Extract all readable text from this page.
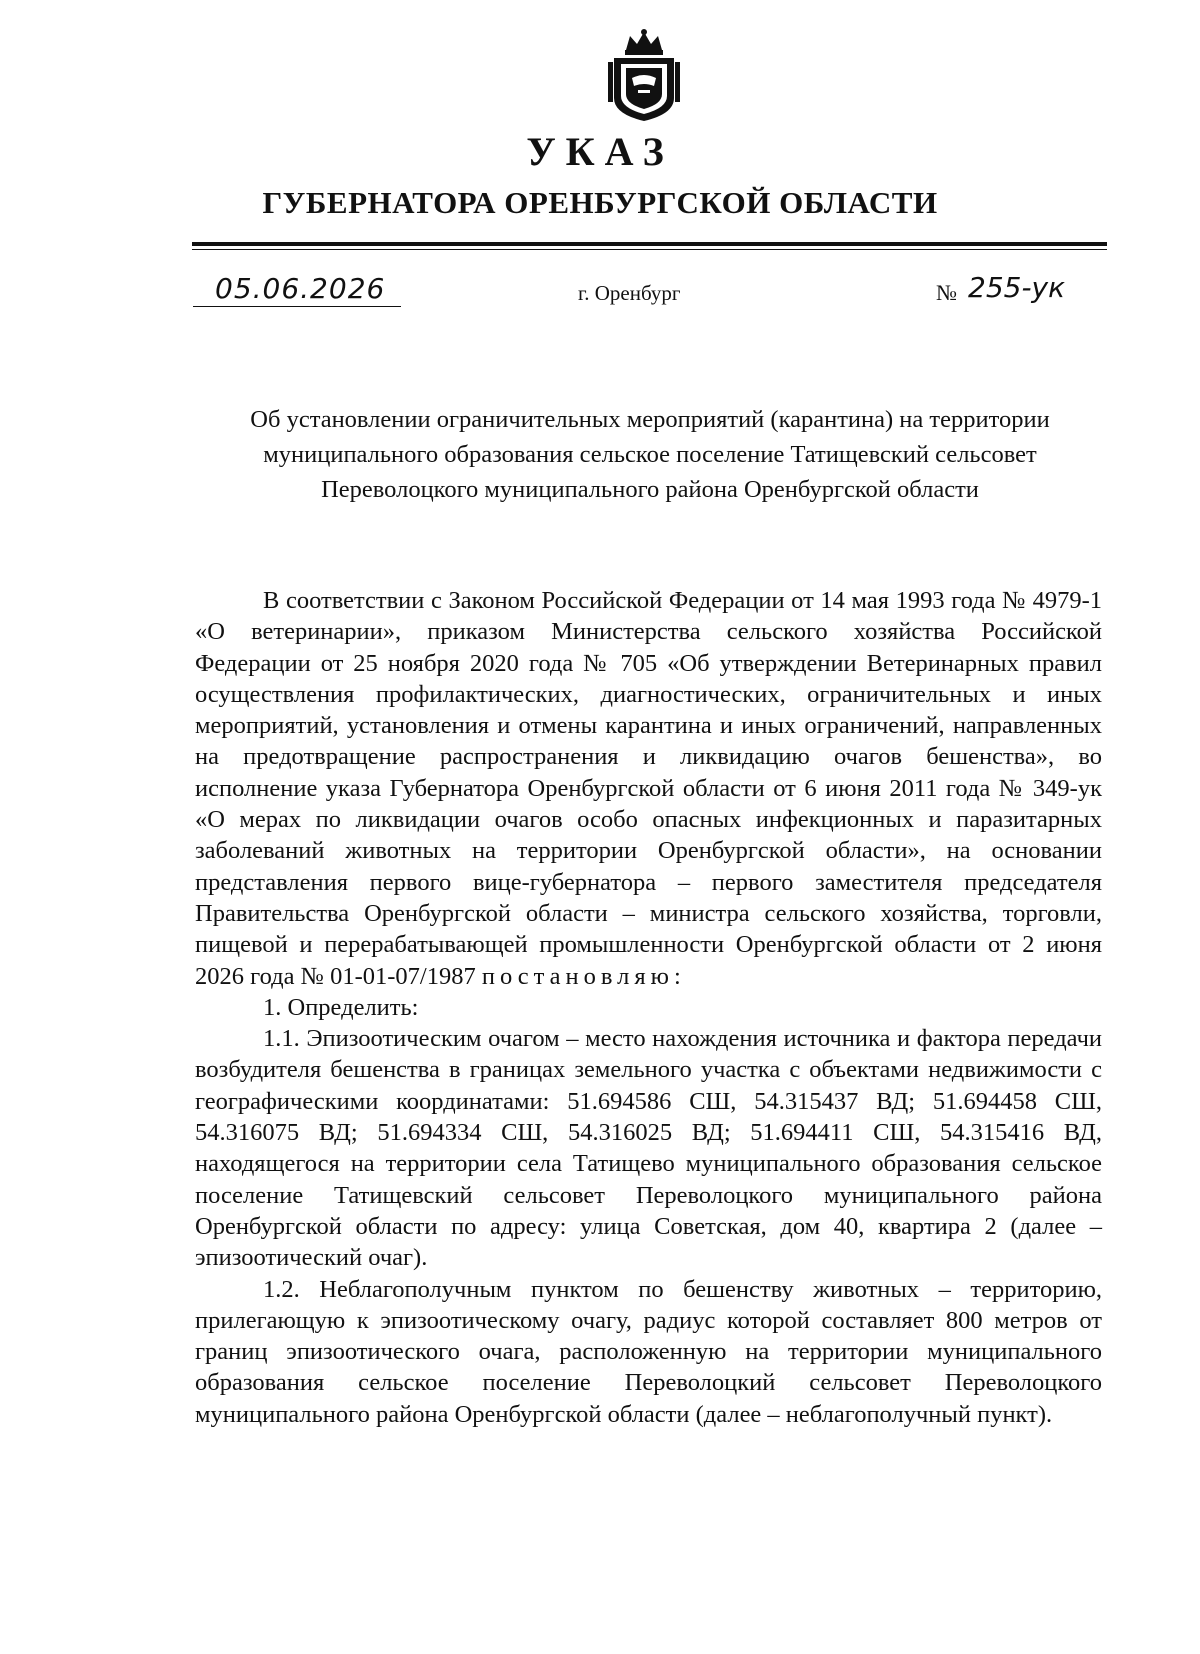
УКАЗ
ГУБЕРНАТОРА ОРЕНБУРГСКОЙ ОБЛАСТИ
05.06.2026	г. Оренбург	№ 255-ук

Об установлении ограничительных мероприятий (карантина) на территории муниципального образования сельское поселение Татищевский сельсовет Переволоцкого муниципального района Оренбургской области

В соответствии с Законом Российской Федерации от 14 мая 1993 года № 4979-1 «О ветеринарии», приказом Министерства сельского хозяйства Российской Федерации от 25 ноября 2020 года № 705 «Об утверждении Ветеринарных правил осуществления профилактических, диагностических, ограничительных и иных мероприятий, установления и отмены карантина и иных ограничений, направленных на предотвращение распространения и ликвидацию очагов бешенства», во исполнение указа Губернатора Оренбургской области от 6 июня 2011 года № 349-ук «О мерах по ликвидации очагов особо опасных инфекционных и паразитарных заболеваний животных на территории Оренбургской области», на основании представления первого вице-губернатора – первого заместителя председателя Правительства Оренбургской области – министра сельского хозяйства, торговли, пищевой и перерабатывающей промышленности Оренбургской области от 2 июня 2026 года № 01-01-07/1987 постановляю:

1. Определить:

1.1. Эпизоотическим очагом – место нахождения источника и фактора передачи возбудителя бешенства в границах земельного участка с объектами недвижимости с географическими координатами: 51.694586 СШ, 54.315437 ВД; 51.694458 СШ, 54.316075 ВД; 51.694334 СШ, 54.316025 ВД; 51.694411 СШ, 54.315416 ВД, находящегося на территории села Татищево муниципального образования сельское поселение Татищевский сельсовет Переволоцкого муниципального района Оренбургской области по адресу: улица Советская, дом 40, квартира 2 (далее – эпизоотический очаг).

1.2. Неблагополучным пунктом по бешенству животных – территорию, прилегающую к эпизоотическому очагу, радиус которой составляет 800 метров от границ эпизоотического очага, расположенную на территории муниципального образования сельское поселение Переволоцкий сельсовет Переволоцкого муниципального района Оренбургской области (далее – неблагополучный пункт).
